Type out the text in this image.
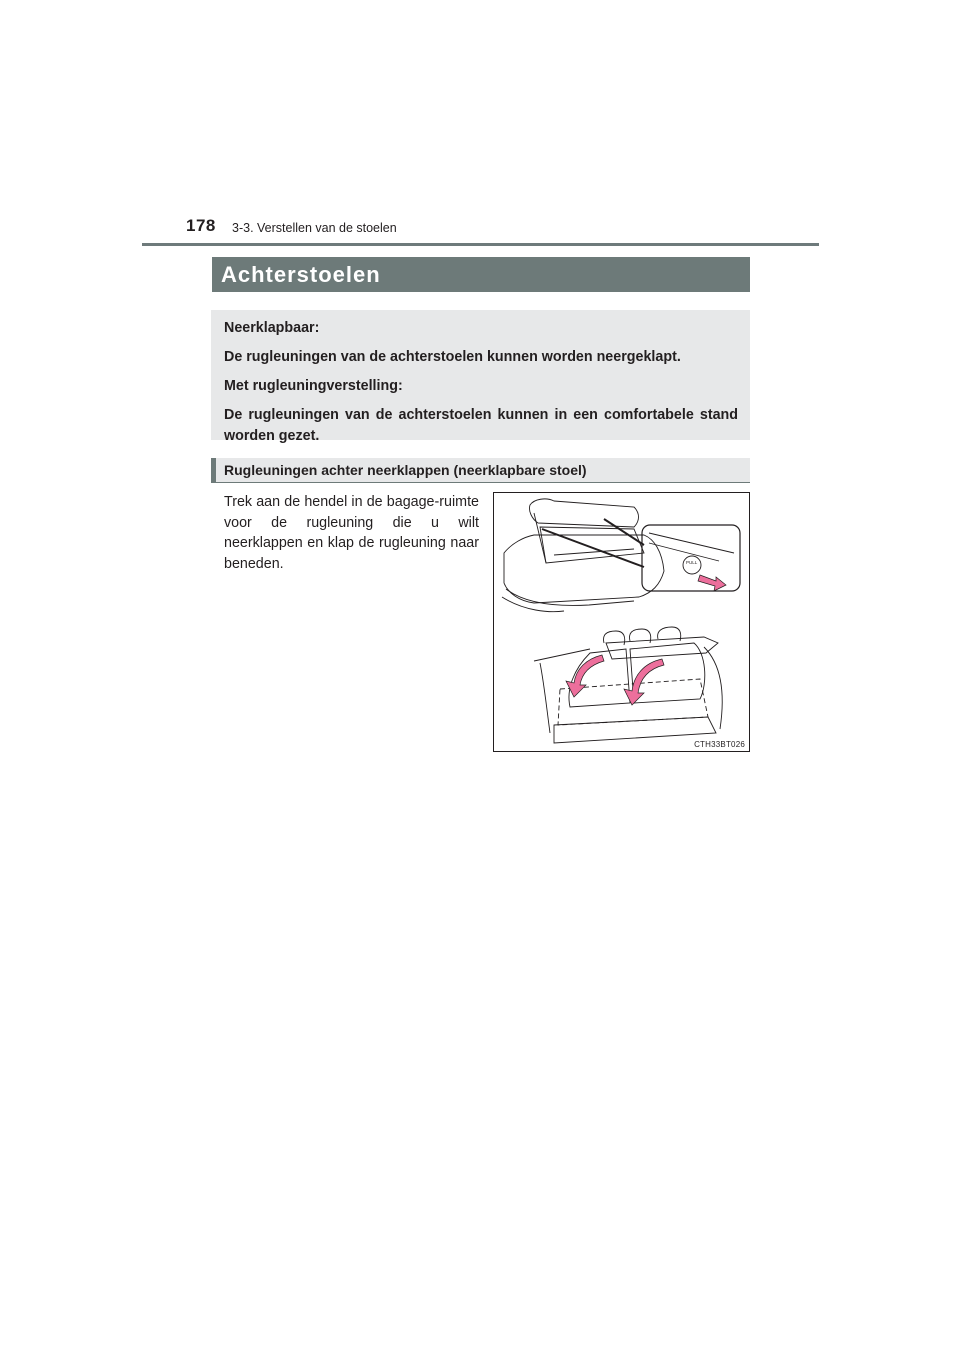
178 3-3. Verstellen van de stoelen
Achterstoelen

Neerklapbaar:

De rugleuningen van de achterstoelen kunnen worden neergeklapt.

Met rugleuningverstelling:

De rugleuningen van de achterstoelen kunnen in een comfortabele stand worden gezet.

Rugleuningen achter neerklappen (neerklapbare stoel)
Trek aan de hendel in de bagage-ruimte voor de rugleuning die u wilt neerklappen en klap de rugleuning naar beneden.	PULL
CTH33BT026
